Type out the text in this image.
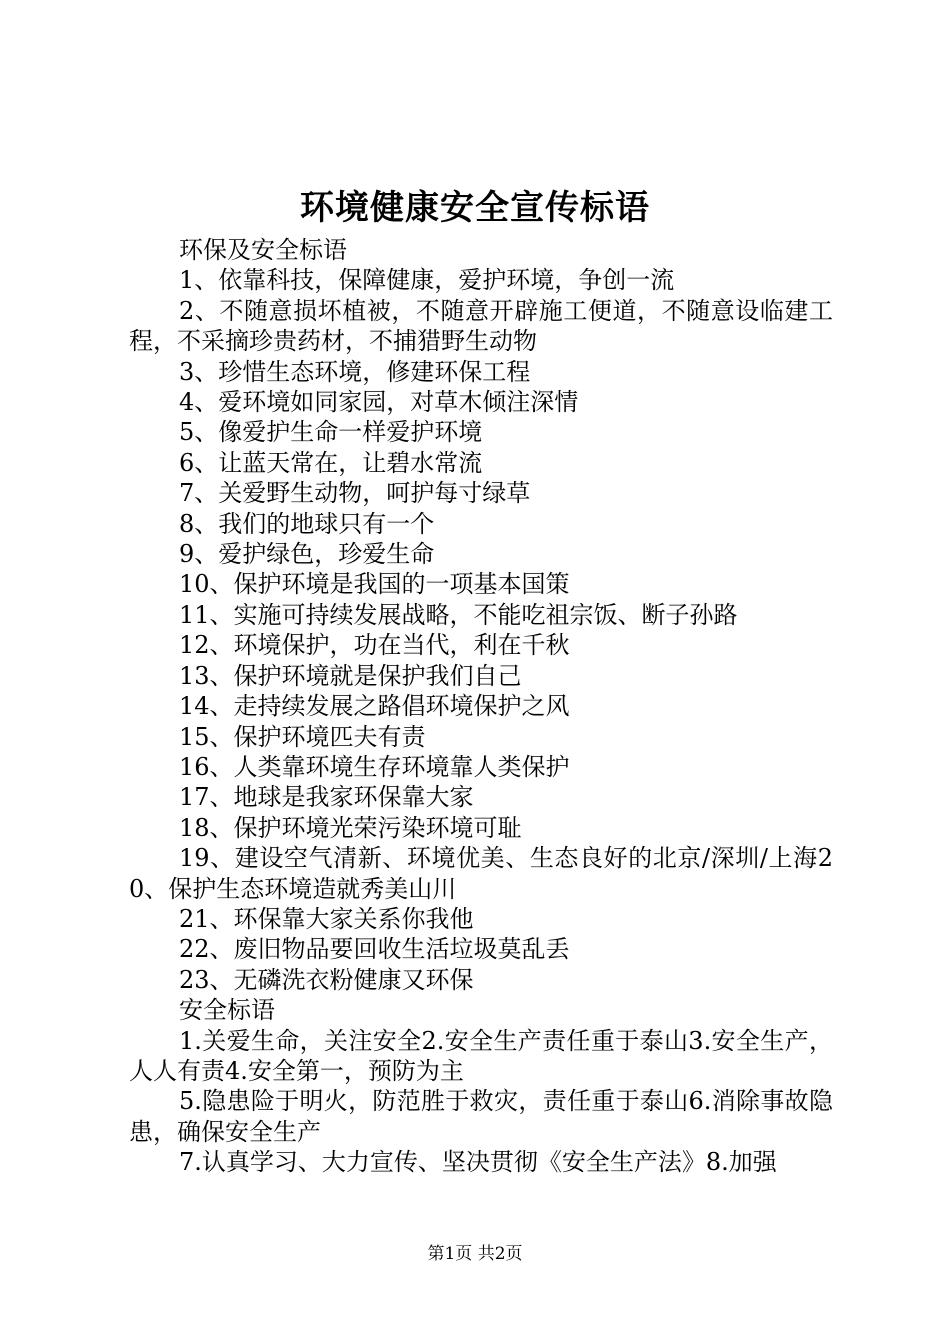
环境健康安全宣传标语

环保及安全标语

1、依靠科技，保障健康，爱护环境，争创一流

2、不随意损坏植被，不随意开辟施工便道，不随意设临建工程，不采摘珍贵药材，不捕猎野生动物

3、珍惜生态环境，修建环保工程

4、爱环境如同家园，对草木倾注深情

5、像爱护生命一样爱护环境

6、让蓝天常在，让碧水常流

7、关爱野生动物，呵护每寸绿草

8、我们的地球只有一个

9、爱护绿色，珍爱生命

10、保护环境是我国的一项基本国策

11、实施可持续发展战略，不能吃祖宗饭、断子孙路

12、环境保护，功在当代，利在千秋

13、保护环境就是保护我们自己

14、走持续发展之路倡环境保护之风

15、保护环境匹夫有责

16、人类靠环境生存环境靠人类保护

17、地球是我家环保靠大家

18、保护环境光荣污染环境可耻

19、建设空气清新、环境优美、生态良好的北京/深圳/上海20、保护生态环境造就秀美山川

21、环保靠大家关系你我他

22、废旧物品要回收生活垃圾莫乱丢

23、无磷洗衣粉健康又环保

安全标语

1.关爱生命，关注安全2.安全生产责任重于泰山3.安全生产，人人有责4.安全第一，预防为主

5.隐患险于明火，防范胜于救灾，责任重于泰山6.消除事故隐患，确保安全生产

7.认真学习、大力宣传、坚决贯彻《安全生产法》8.加强

第1页 共2页
